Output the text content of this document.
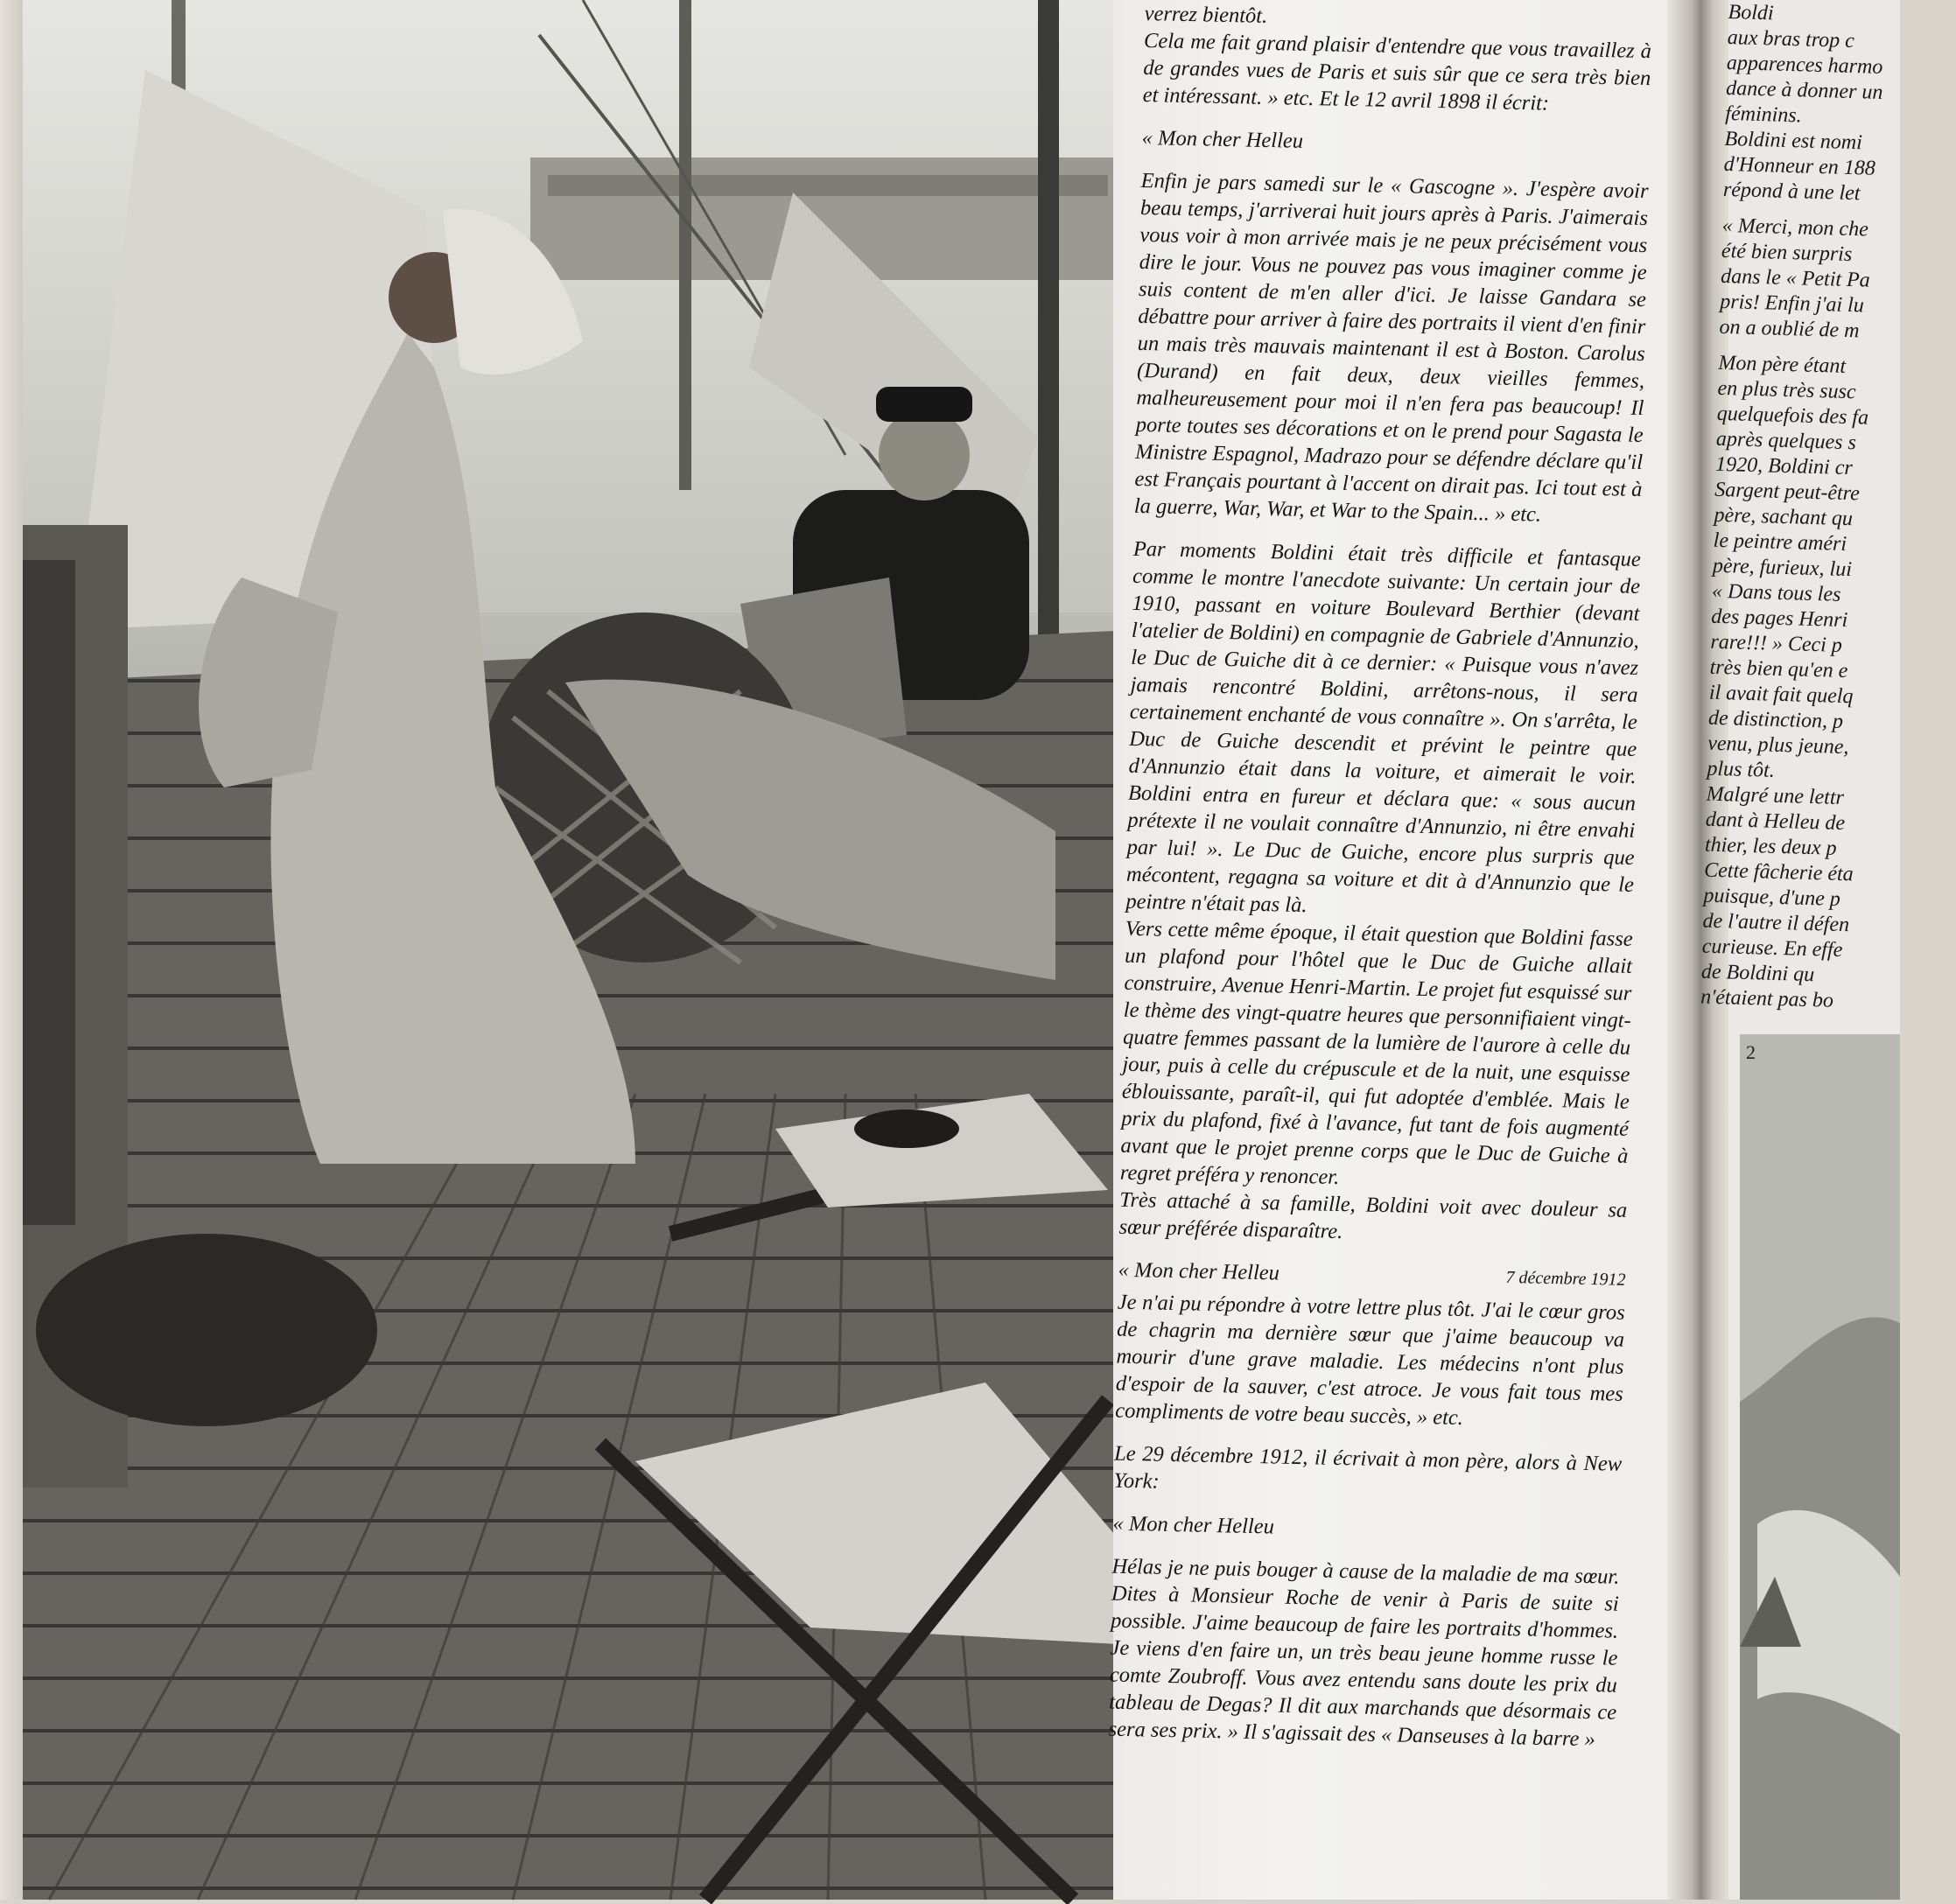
verrez bientôt.

Cela me fait grand plaisir d'entendre que vous travaillez à de grandes vues de Paris et suis sûr que ce sera très bien et intéressant. » etc. Et le 12 avril 1898 il écrit:

« Mon cher Helleu

Enfin je pars samedi sur le « Gascogne ». J'espère avoir beau temps, j'arriverai huit jours après à Paris. J'aimerais vous voir à mon arrivée mais je ne peux précisément vous dire le jour. Vous ne pouvez pas vous imaginer comme je suis content de m'en aller d'ici. Je laisse Gandara se débattre pour arriver à faire des portraits il vient d'en finir un mais très mauvais maintenant il est à Boston. Carolus (Durand) en fait deux, deux vieilles femmes, malheureusement pour moi il n'en fera pas beaucoup! Il porte toutes ses décorations et on le prend pour Sagasta le Ministre Espagnol, Madrazo pour se défendre déclare qu'il est Français pourtant à l'accent on dirait pas. Ici tout est à la guerre, War, War, et War to the Spain... » etc.

Par moments Boldini était très difficile et fantasque comme le montre l'anecdote suivante: Un certain jour de 1910, passant en voiture Boulevard Berthier (devant l'atelier de Boldini) en compagnie de Gabriele d'Annunzio, le Duc de Guiche dit à ce dernier: « Puisque vous n'avez jamais rencontré Boldini, arrêtons-nous, il sera certainement enchanté de vous connaître ». On s'arrêta, le Duc de Guiche descendit et prévint le peintre que d'Annunzio était dans la voiture, et aimerait le voir. Boldini entra en fureur et déclara que: « sous aucun prétexte il ne voulait connaître d'Annunzio, ni être envahi par lui! ». Le Duc de Guiche, encore plus surpris que mécontent, regagna sa voiture et dit à d'Annunzio que le peintre n'était pas là.

Vers cette même époque, il était question que Boldini fasse un plafond pour l'hôtel que le Duc de Guiche allait construire, Avenue Henri-Martin. Le projet fut esquissé sur le thème des vingt-quatre heures que personnifiaient vingt-quatre femmes passant de la lumière de l'aurore à celle du jour, puis à celle du crépuscule et de la nuit, une esquisse éblouissante, paraît-il, qui fut adoptée d'emblée. Mais le prix du plafond, fixé à l'avance, fut tant de fois augmenté avant que le projet prenne corps que le Duc de Guiche à regret préféra y renoncer.

Très attaché à sa famille, Boldini voit avec douleur sa sœur préférée disparaître.

« Mon cher Helleu	7 décembre 1912

Je n'ai pu répondre à votre lettre plus tôt. J'ai le cœur gros de chagrin ma dernière sœur que j'aime beaucoup va mourir d'une grave maladie. Les médecins n'ont plus d'espoir de la sauver, c'est atroce. Je vous fait tous mes compliments de votre beau succès, » etc.

Le 29 décembre 1912, il écrivait à mon père, alors à New York:

« Mon cher Helleu

Hélas je ne puis bouger à cause de la maladie de ma sœur. Dites à Monsieur Roche de venir à Paris de suite si possible. J'aime beaucoup de faire les portraits d'hommes. Je viens d'en faire un, un très beau jeune homme russe le comte Zoubroff. Vous avez entendu sans doute les prix du tableau de Degas? Il dit aux marchands que désormais ce sera ses prix. » Il s'agissait des « Danseuses à la barre »

Boldi
aux bras trop c
apparences harmo
dance à donner un
féminins.
Boldini est nomi
d'Honneur en 188
répond à une let
« Merci, mon che
été bien surpris
dans le « Petit Pa
pris! Enfin j'ai lu
on a oublié de m
Mon père étant
en plus très susc
quelquefois des fa
après quelques s
1920, Boldini cr
Sargent peut-être
père, sachant qu
le peintre améri
père, furieux, lui
« Dans tous les
des pages Henri
rare!!! » Ceci p
très bien qu'en e
il avait fait quelq
de distinction, p
venu, plus jeune,
plus tôt.
Malgré une lettr
dant à Helleu de
thier, les deux p
Cette fâcherie éta
puisque, d'une p
de l'autre il défen
curieuse. En effe
de Boldini qu
n'étaient pas bo
2
